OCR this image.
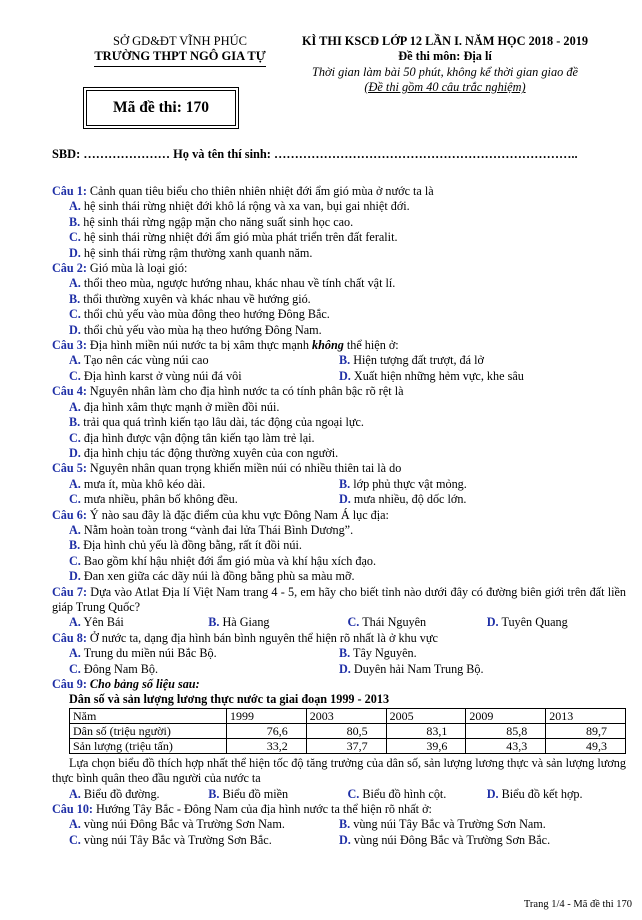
SỞ GD&ĐT VĨNH PHÚC
TRƯỜNG THPT NGÔ GIA TỰ
Mã đề thi: 170
KÌ THI KSCĐ LỚP 12 LẦN I. NĂM HỌC 2018 - 2019
Đề thi môn: Địa lí
Thời gian làm bài 50 phút, không kể thời gian giao đề
(Đề thi gồm 40 câu trắc nghiệm)
SBD: ………………… Họ và tên thí sinh: ………………………………………………………………..
Câu 1: Cảnh quan tiêu biểu cho thiên nhiên nhiệt đới ẩm gió mùa ở nước ta là
A. hệ sinh thái rừng nhiệt đới khô lá rộng và xa van, bụi gai nhiệt đới.
B. hệ sinh thái rừng ngập mặn cho năng suất sinh học cao.
C. hệ sinh thái rừng nhiệt đới ẩm gió mùa phát triển trên đất feralit.
D. hệ sinh thái rừng rậm thường xanh quanh năm.
Câu 2: Gió mùa là loại gió:
A. thổi theo mùa, ngược hướng nhau, khác nhau về tính chất vật lí.
B. thổi thường xuyên và khác nhau về hướng gió.
C. thổi chủ yếu vào mùa đông theo hướng Đông Bắc.
D. thổi chủ yếu vào mùa hạ theo hướng Đông Nam.
Câu 3: Địa hình miền núi nước ta bị xâm thực mạnh không thể hiện ở:
A. Tạo nên các vùng núi cao	B. Hiện tượng đất trượt, đá lở
C. Địa hình karst ở vùng núi đá vôi	D. Xuất hiện những hẻm vực, khe sâu
Câu 4: Nguyên nhân làm cho địa hình nước ta có tính phân bậc rõ rệt là
A. địa hình xâm thực mạnh ở miền đồi núi.
B. trải qua quá trình kiến tạo lâu dài, tác động của ngoại lực.
C. địa hình được vận động tân kiến tạo làm trẻ lại.
D. địa hình chịu tác động thường xuyên của con người.
Câu 5: Nguyên nhân quan trọng khiến miền núi có nhiều thiên tai là do
A. mưa ít, mùa khô kéo dài.	B. lớp phủ thực vật mỏng.
C. mưa nhiều, phân bố không đều.	D. mưa nhiều, độ dốc lớn.
Câu 6: Ý nào sau đây là đặc điểm của khu vực Đông Nam Á lục địa:
A. Nằm hoàn toàn trong “vành đai lửa Thái Bình Dương”.
B. Địa hình chủ yếu là đồng bằng, rất ít đồi núi.
C. Bao gồm khí hậu nhiệt đới ẩm gió mùa và khí hậu xích đạo.
D. Đan xen giữa các dãy núi là đồng bằng phù sa màu mỡ.
Câu 7: Dựa vào Atlat Địa lí Việt Nam trang 4 - 5, em hãy cho biết tỉnh nào dưới đây có đường biên giới trên đất liền giáp Trung Quốc?
A. Yên Bái	B. Hà Giang	C. Thái Nguyên	D. Tuyên Quang
Câu 8: Ở nước ta, dạng địa hình bán bình nguyên thể hiện rõ nhất là ở khu vực
A. Trung du miền núi Bắc Bộ.	B. Tây Nguyên.
C. Đông Nam Bộ.	D. Duyên hải Nam Trung Bộ.
Câu 9: Cho bảng số liệu sau:
Dân số và sản lượng lương thực nước ta giai đoạn 1999 - 2013
Năm	1999	2003	2005	2009	2013
Dân số (triệu người)	76,6	80,5	83,1	85,8	89,7
Sản lượng (triệu tấn)	33,2	37,7	39,6	43,3	49,3
Lựa chọn biểu đồ thích hợp nhất thể hiện tốc độ tăng trưởng của dân số, sản lượng lương thực và sản lượng lương thực bình quân theo đầu người của nước ta
A. Biểu đồ đường.	B. Biểu đồ miền	C. Biểu đồ hình cột.	D. Biểu đồ kết hợp.
Câu 10: Hướng Tây Bắc - Đông Nam của địa hình nước ta thể hiện rõ nhất ở:
A. vùng núi Đông Bắc và Trường Sơn Nam.	B. vùng núi Tây Bắc và Trường Sơn Nam.
C. vùng núi Tây Bắc và Trường Sơn Bắc.	D. vùng núi Đông Bắc và Trường Sơn Bắc.
Trang 1/4 - Mã đề thi 170
